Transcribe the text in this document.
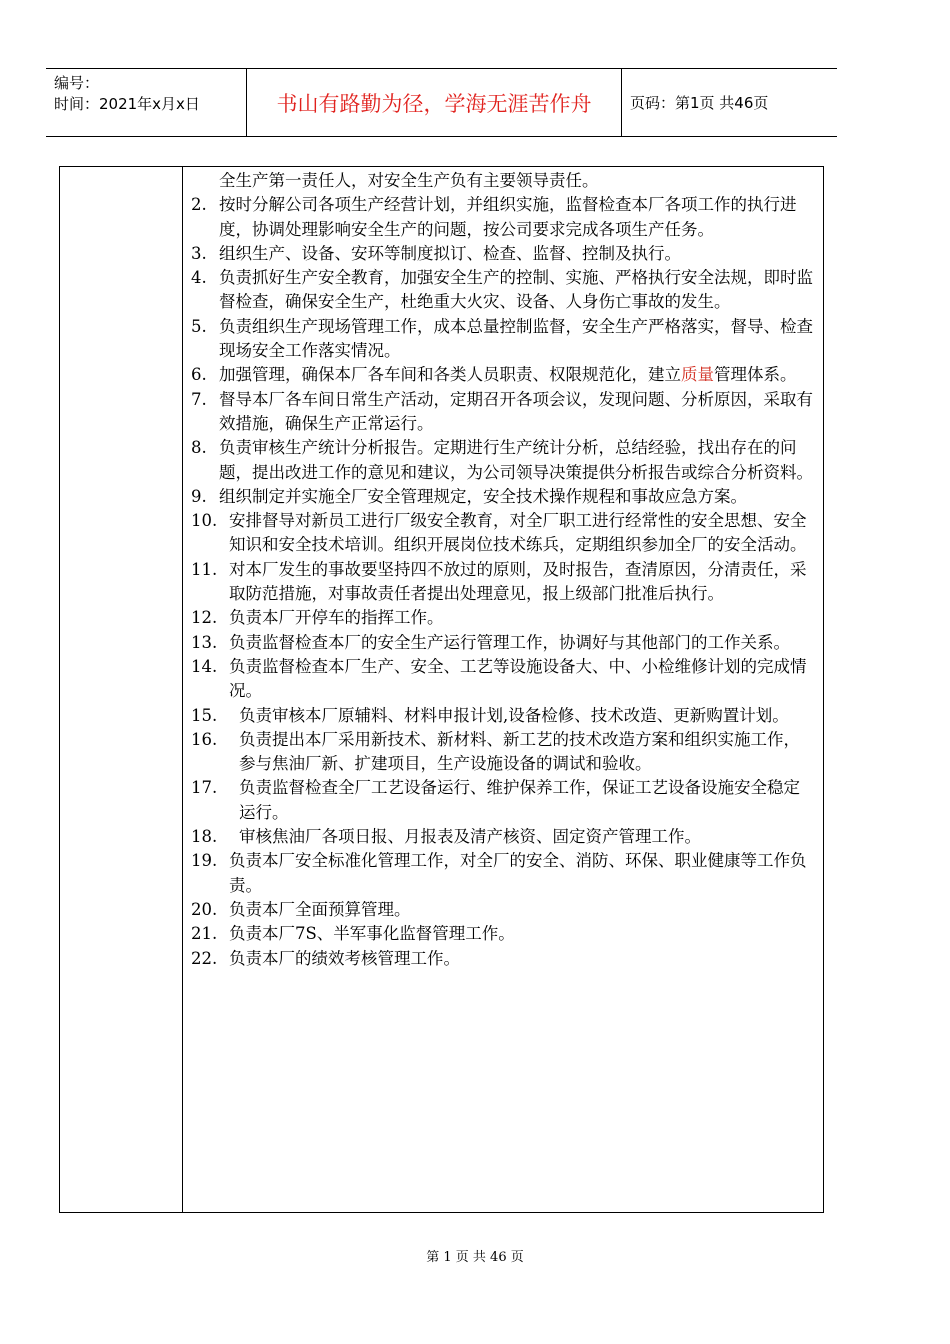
编号：
时间：2021年x月x日	书山有路勤为径，学海无涯苦作舟	页码：第1页 共46页
全生产第一责任人，对安全生产负有主要领导责任。
2. 按时分解公司各项生产经营计划，并组织实施，监督检查本厂各项工作的执行进度，协调处理影响安全生产的问题，按公司要求完成各项生产任务。
3. 组织生产、设备、安环等制度拟订、检查、监督、控制及执行。
4. 负责抓好生产安全教育，加强安全生产的控制、实施、严格执行安全法规，即时监督检查，确保安全生产，杜绝重大火灾、设备、人身伤亡事故的发生。
5. 负责组织生产现场管理工作，成本总量控制监督，安全生产严格落实，督导、检查现场安全工作落实情况。
6. 加强管理，确保本厂各车间和各类人员职责、权限规范化，建立质量管理体系。
7. 督导本厂各车间日常生产活动，定期召开各项会议，发现问题、分析原因，采取有效措施，确保生产正常运行。
8. 负责审核生产统计分析报告。定期进行生产统计分析，总结经验，找出存在的问题，提出改进工作的意见和建议，为公司领导决策提供分析报告或综合分析资料。
9. 组织制定并实施全厂安全管理规定，安全技术操作规程和事故应急方案。
10. 安排督导对新员工进行厂级安全教育，对全厂职工进行经常性的安全思想、安全知识和安全技术培训。组织开展岗位技术练兵，定期组织参加全厂的安全活动。
11. 对本厂发生的事故要坚持四不放过的原则，及时报告，查清原因，分清责任，采取防范措施，对事故责任者提出处理意见，报上级部门批准后执行。
12. 负责本厂开停车的指挥工作。
13. 负责监督检查本厂的安全生产运行管理工作，协调好与其他部门的工作关系。
14. 负责监督检查本厂生产、安全、工艺等设施设备大、中、小检维修计划的完成情况。
15.	负责审核本厂原辅料、材料申报计划,设备检修、技术改造、更新购置计划。
16.	负责提出本厂采用新技术、新材料、新工艺的技术改造方案和组织实施工作，参与焦油厂新、扩建项目，生产设施设备的调试和验收。
17.	负责监督检查全厂工艺设备运行、维护保养工作，保证工艺设备设施安全稳定运行。
18.	审核焦油厂各项日报、月报表及清产核资、固定资产管理工作。
19. 负责本厂安全标准化管理工作，对全厂的安全、消防、环保、职业健康等工作负责。
20. 负责本厂全面预算管理。
21. 负责本厂7S、半军事化监督管理工作。
22. 负责本厂的绩效考核管理工作。
第 1 页 共 46 页
